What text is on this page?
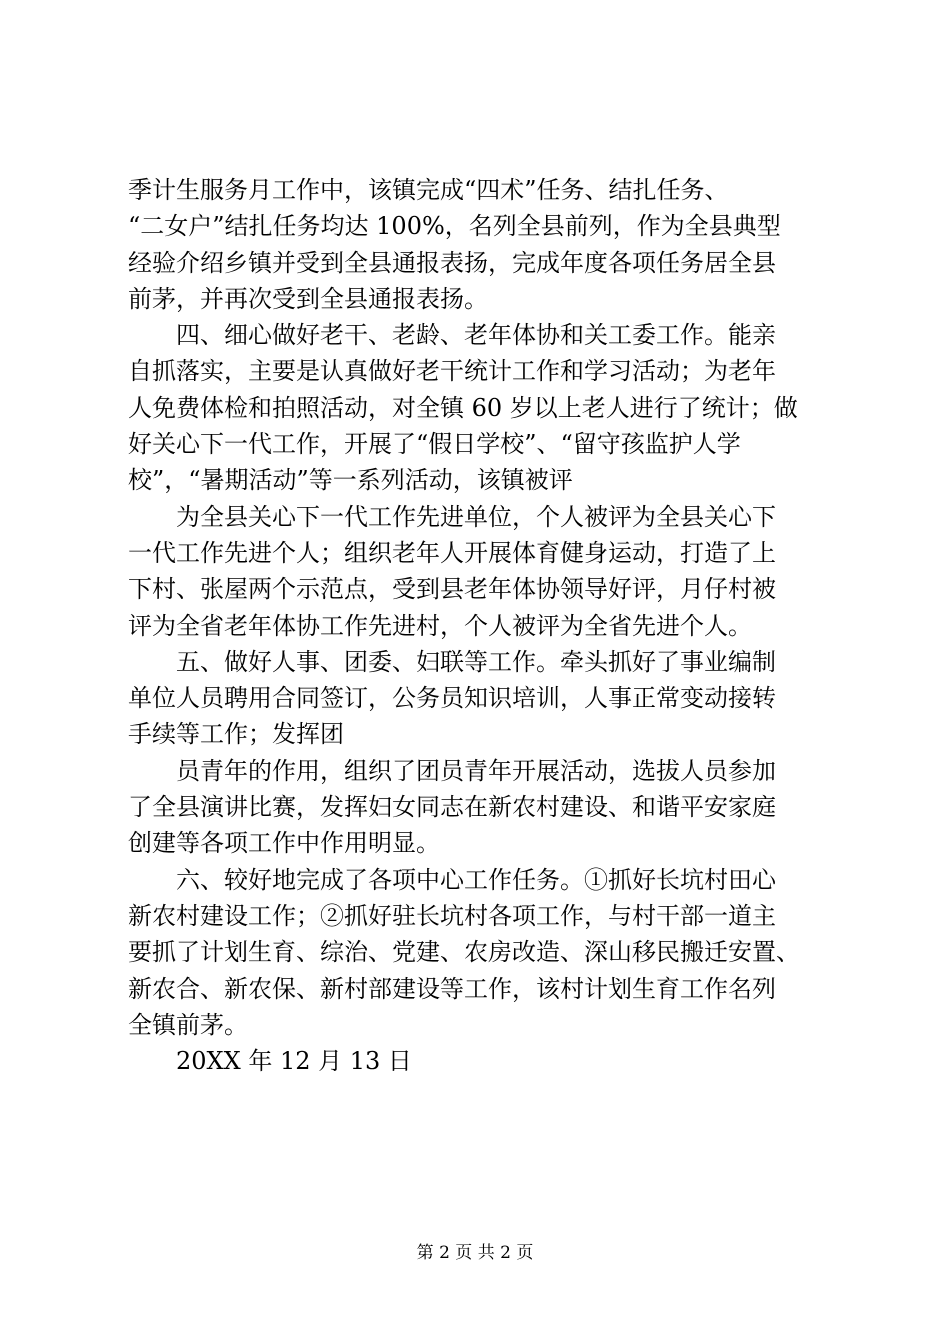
季计生服务月工作中，该镇完成“四术”任务、结扎任务、
“二女户”结扎任务均达 100%，名列全县前列，作为全县典型
经验介绍乡镇并受到全县通报表扬，完成年度各项任务居全县
前茅，并再次受到全县通报表扬。
四、细心做好老干、老龄、老年体协和关工委工作。能亲
自抓落实，主要是认真做好老干统计工作和学习活动；为老年
人免费体检和拍照活动，对全镇 60 岁以上老人进行了统计；做
好关心下一代工作，开展了“假日学校”、“留守孩监护人学
校”，“暑期活动”等一系列活动，该镇被评
为全县关心下一代工作先进单位，个人被评为全县关心下
一代工作先进个人；组织老年人开展体育健身运动，打造了上
下村、张屋两个示范点，受到县老年体协领导好评，月仔村被
评为全省老年体协工作先进村，个人被评为全省先进个人。
五、做好人事、团委、妇联等工作。牵头抓好了事业编制
单位人员聘用合同签订，公务员知识培训，人事正常变动接转
手续等工作；发挥团
员青年的作用，组织了团员青年开展活动，选拔人员参加
了全县演讲比赛，发挥妇女同志在新农村建设、和谐平安家庭
创建等各项工作中作用明显。
六、较好地完成了各项中心工作任务。①抓好长坑村田心
新农村建设工作；②抓好驻长坑村各项工作，与村干部一道主
要抓了计划生育、综治、党建、农房改造、深山移民搬迁安置、
新农合、新农保、新村部建设等工作，该村计划生育工作名列
全镇前茅。
20XX 年 12 月 13 日
第 2 页 共 2 页
